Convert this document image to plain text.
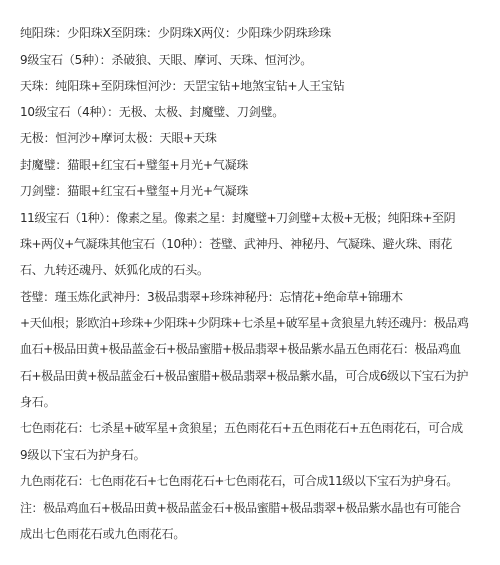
纯阳珠：少阳珠X至阴珠：少阴珠X两仪：少阳珠少阴珠珍珠
9级宝石（5种）：杀破狼、天眼、摩诃、天珠、恒河沙。
天珠：纯阳珠+至阴珠恒河沙：天罡宝钻+地煞宝钻+人王宝钻
10级宝石（4种）：无极、太极、封魔璧、刀剑璧。
无极：恒河沙+摩诃太极：天眼+天珠
封魔璧：猫眼+红宝石+璧玺+月光+气凝珠
刀剑璧：猫眼+红宝石+璧玺+月光+气凝珠
11级宝石（1种）：像素之星。像素之星：封魔璧+刀剑璧+太极+无极；纯阳珠+至阴
珠+两仪+气凝珠其他宝石（10种）：苍璧、武神丹、神秘丹、气凝珠、避火珠、雨花
石、九转还魂丹、妖狐化成的石头。
苍璧：瑾玉炼化武神丹：3极品翡翠+珍珠神秘丹：忘情花+绝命草+锦珊木
+天仙根；影欧泊+珍珠+少阳珠+少阴珠+七杀星+破军星+贪狼星九转还魂丹：极品鸡
血石+极品田黄+极品蓝金石+极品蜜腊+极品翡翠+极品紫水晶五色雨花石：极品鸡血
石+极品田黄+极品蓝金石+极品蜜腊+极品翡翠+极品紫水晶，可合成6级以下宝石为护
身石。
七色雨花石：七杀星+破军星+贪狼星；五色雨花石+五色雨花石+五色雨花石，可合成
9级以下宝石为护身石。
九色雨花石：七色雨花石+七色雨花石+七色雨花石，可合成11级以下宝石为护身石。
注：极品鸡血石+极品田黄+极品蓝金石+极品蜜腊+极品翡翠+极品紫水晶也有可能合
成出七色雨花石或九色雨花石。
